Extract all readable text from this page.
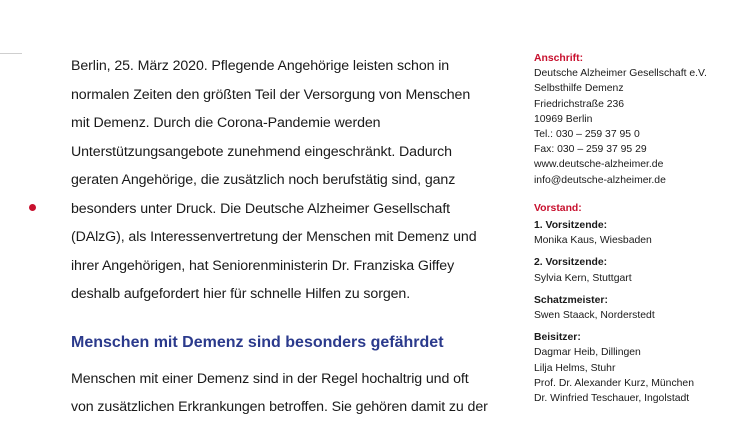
Berlin, 25. März 2020. Pflegende Angehörige leisten schon in
normalen Zeiten den größten Teil der Versorgung von Menschen
mit Demenz. Durch die Corona-Pandemie werden
Unterstützungsangebote zunehmend eingeschränkt. Dadurch
geraten Angehörige, die zusätzlich noch berufstätig sind, ganz
besonders unter Druck. Die Deutsche Alzheimer Gesellschaft
(DAlzG), als Interessenvertretung der Menschen mit Demenz und
ihrer Angehörigen, hat Seniorenministerin Dr. Franziska Giffey
deshalb aufgefordert hier für schnelle Hilfen zu sorgen.

Menschen mit Demenz sind besonders gefährdet

Menschen mit einer Demenz sind in der Regel hochaltrig und oft
von zusätzlichen Erkrankungen betroffen. Sie gehören damit zu der

Anschrift:
Deutsche Alzheimer Gesellschaft e.V.
Selbsthilfe Demenz
Friedrichstraße 236
10969 Berlin
Tel.: 030 – 259 37 95 0
Fax: 030 – 259 37 95 29
www.deutsche-alzheimer.de
info@deutsche-alzheimer.de
Vorstand:
1. Vorsitzende:
Monika Kaus, Wiesbaden
2. Vorsitzende:
Sylvia Kern, Stuttgart
Schatzmeister:
Swen Staack, Norderstedt
Beisitzer:
Dagmar Heib, Dillingen
Lilja Helms, Stuhr
Prof. Dr. Alexander Kurz, München
Dr. Winfried Teschauer, Ingolstadt
